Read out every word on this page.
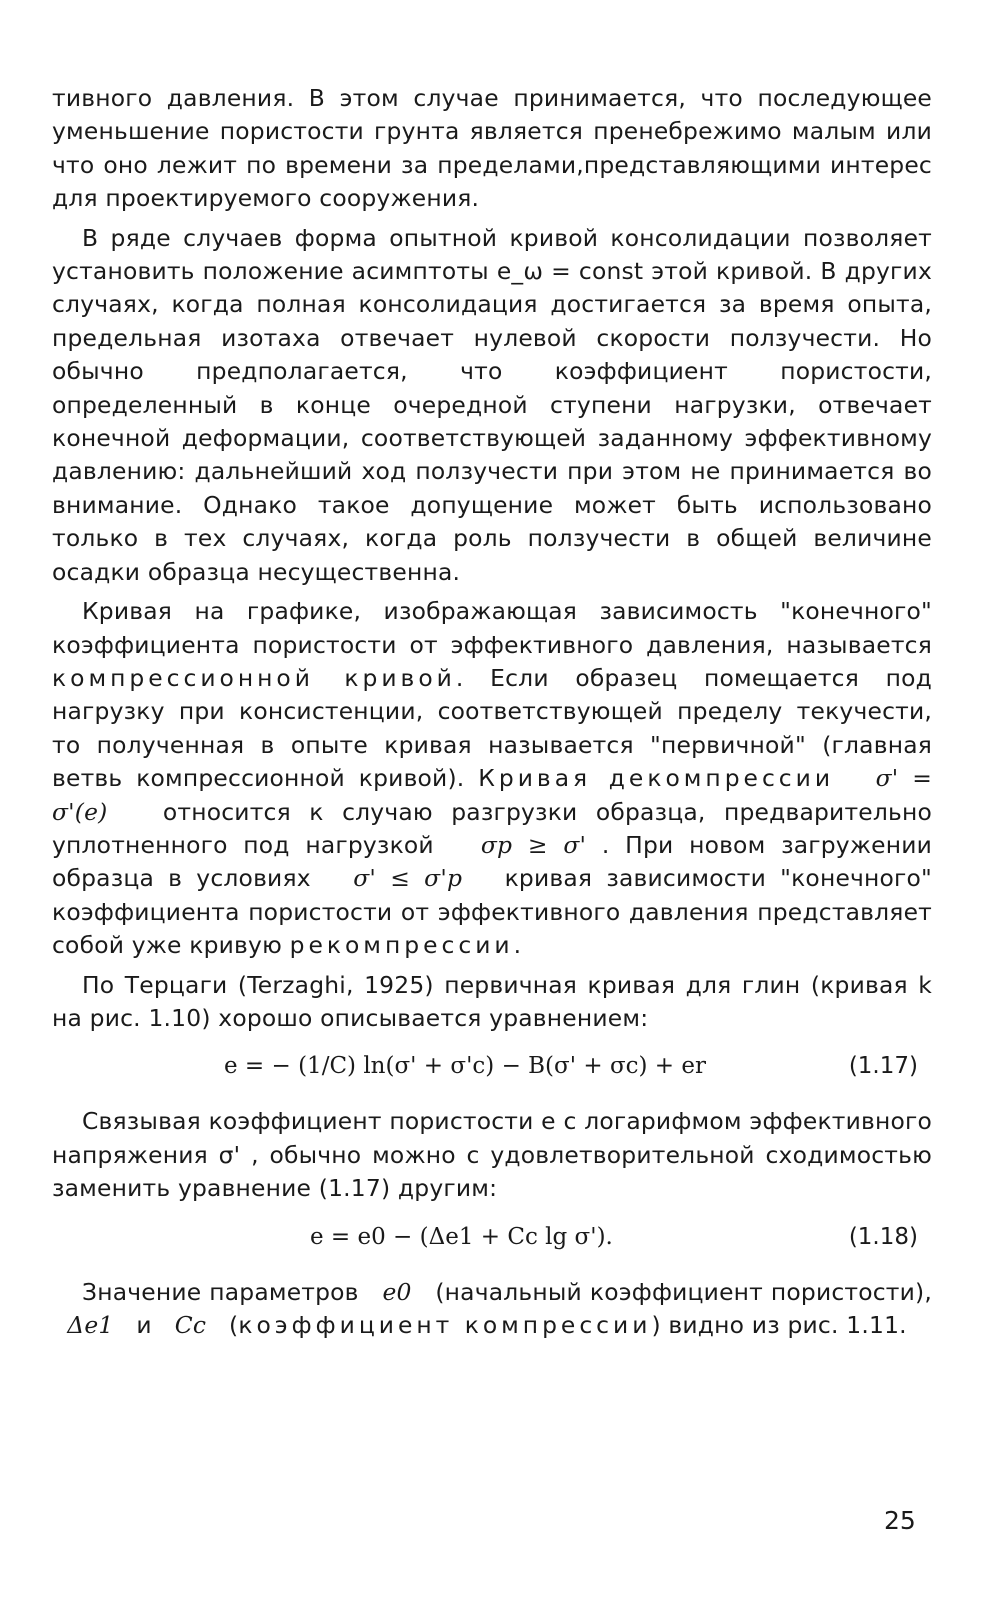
тивного давления. В этом случае принимается, что последующее уменьшение пористости грунта является пренебрежимо малым или что оно лежит по времени за пределами,представляющими интерес для проектируемого сооружения.

В ряде случаев форма опытной кривой консолидации позволяет установить положение асимптоты e_ω = const этой кривой. В других случаях, когда полная консолидация достигается за время опыта, предельная изотаха отвечает нулевой скорости ползучести. Но обычно предполагается, что коэффициент пористости, определенный в конце очередной ступени нагрузки, отвечает конечной деформации, соответствующей заданному эффективному давлению: дальнейший ход ползучести при этом не принимается во внимание. Однако такое допущение может быть использовано только в тех случаях, когда роль ползучести в общей величине осадки образца несущественна.

Кривая на графике, изображающая зависимость "конечного" коэффициента пористости от эффективного давления, называется компрессионной кривой. Если образец помещается под нагрузку при консистенции, соответствующей пределу текучести, то полученная в опыте кривая называется "первичной" (главная ветвь компрессионной кривой). Кривая декомпрессии σ' = σ'(e) относится к случаю разгрузки образца, предварительно уплотненного под нагрузкой σp ≥ σ' . При новом загружении образца в условиях σ' ≤ σ'p кривая зависимости "конечного" коэффициента пористости от эффективного давления представляет собой уже кривую рекомпрессии.

По Терцаги (Terzaghi, 1925) первичная кривая для глин (кривая k на рис. 1.10) хорошо описывается уравнением:

e = − (1/C) ln(σ' + σ'c) − B(σ' + σc) + er	(1.17)

Связывая коэффициент пористости e с логарифмом эффективного напряжения σ' , обычно можно с удовлетворительной сходимостью заменить уравнение (1.17) другим:

e = e0 − (Δe1 + Cc lg σ').	(1.18)

Значение параметров e0 (начальный коэффициент пористости),   Δe1 и Cc (коэффициент компрессии) видно из рис. 1.11.

25
